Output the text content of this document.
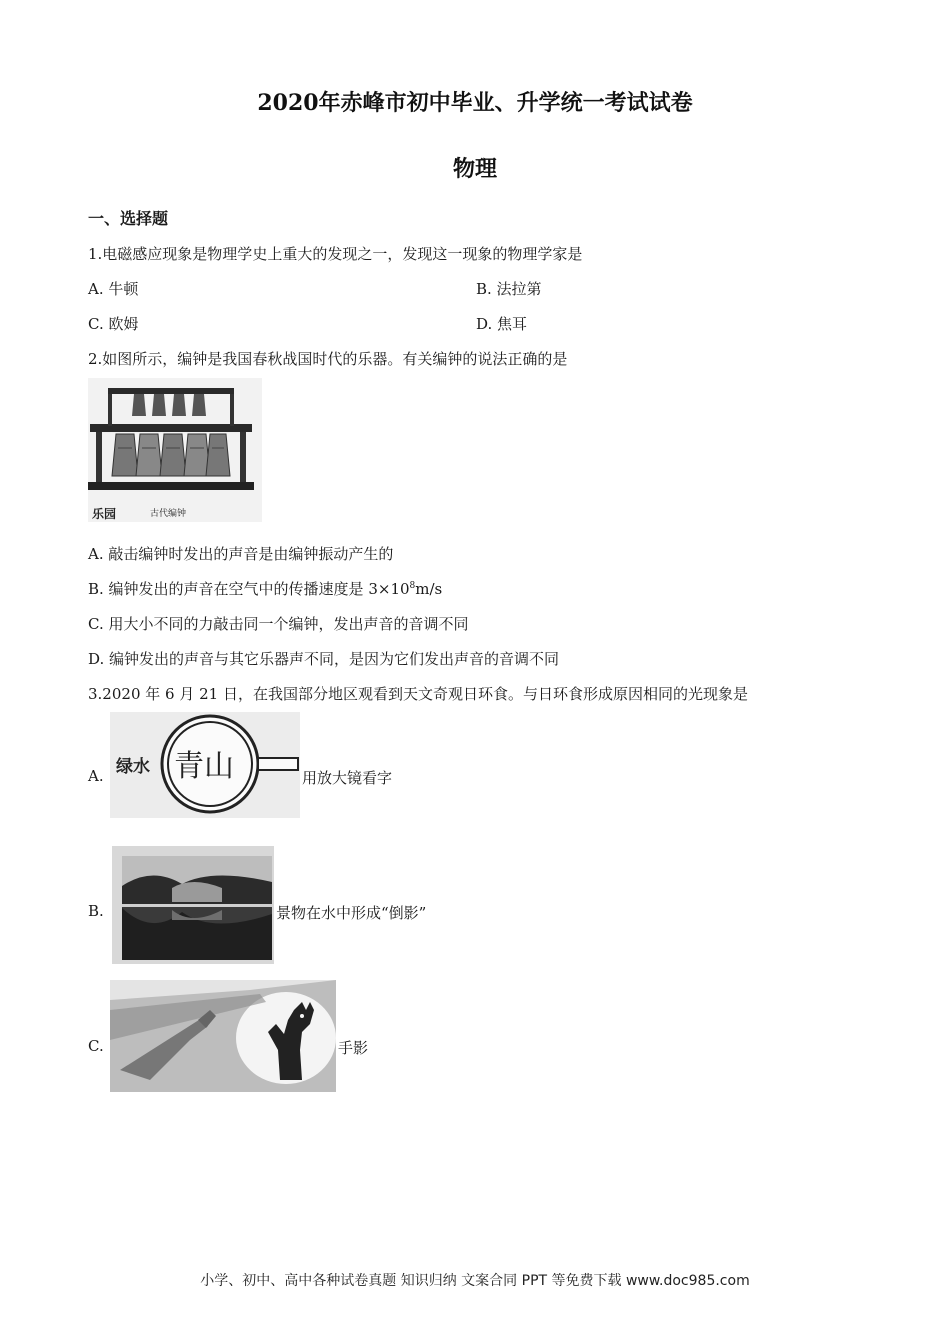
2020年赤峰市初中毕业、升学统一考试试卷
物理
一、选择题
1.电磁感应现象是物理学史上重大的发现之一，发现这一现象的物理学家是
A. 牛顿	B. 法拉第
C. 欧姆	D. 焦耳
2.如图所示，编钟是我国春秋战国时代的乐器。有关编钟的说法正确的是
乐园	古代编钟
A. 敲击编钟时发出的声音是由编钟振动产生的
B. 编钟发出的声音在空气中的传播速度是 $3\times 10^8m/s$
C. 用大小不同的力敲击同一个编钟，发出声音的音调不同
D. 编钟发出的声音与其它乐器声不同，是因为它们发出声音的音调不同
3.2020 年 6 月 21 日，在我国部分地区观看到天文奇观日环食。与日环食形成原因相同的光现象是
A. 绿水 青山	用放大镜看字
B.	景物在水中形成“倒影”
C.	手影
小学、初中、高中各种试卷真题 知识归纳 文案合同 PPT 等免费下载 www.doc985.com
